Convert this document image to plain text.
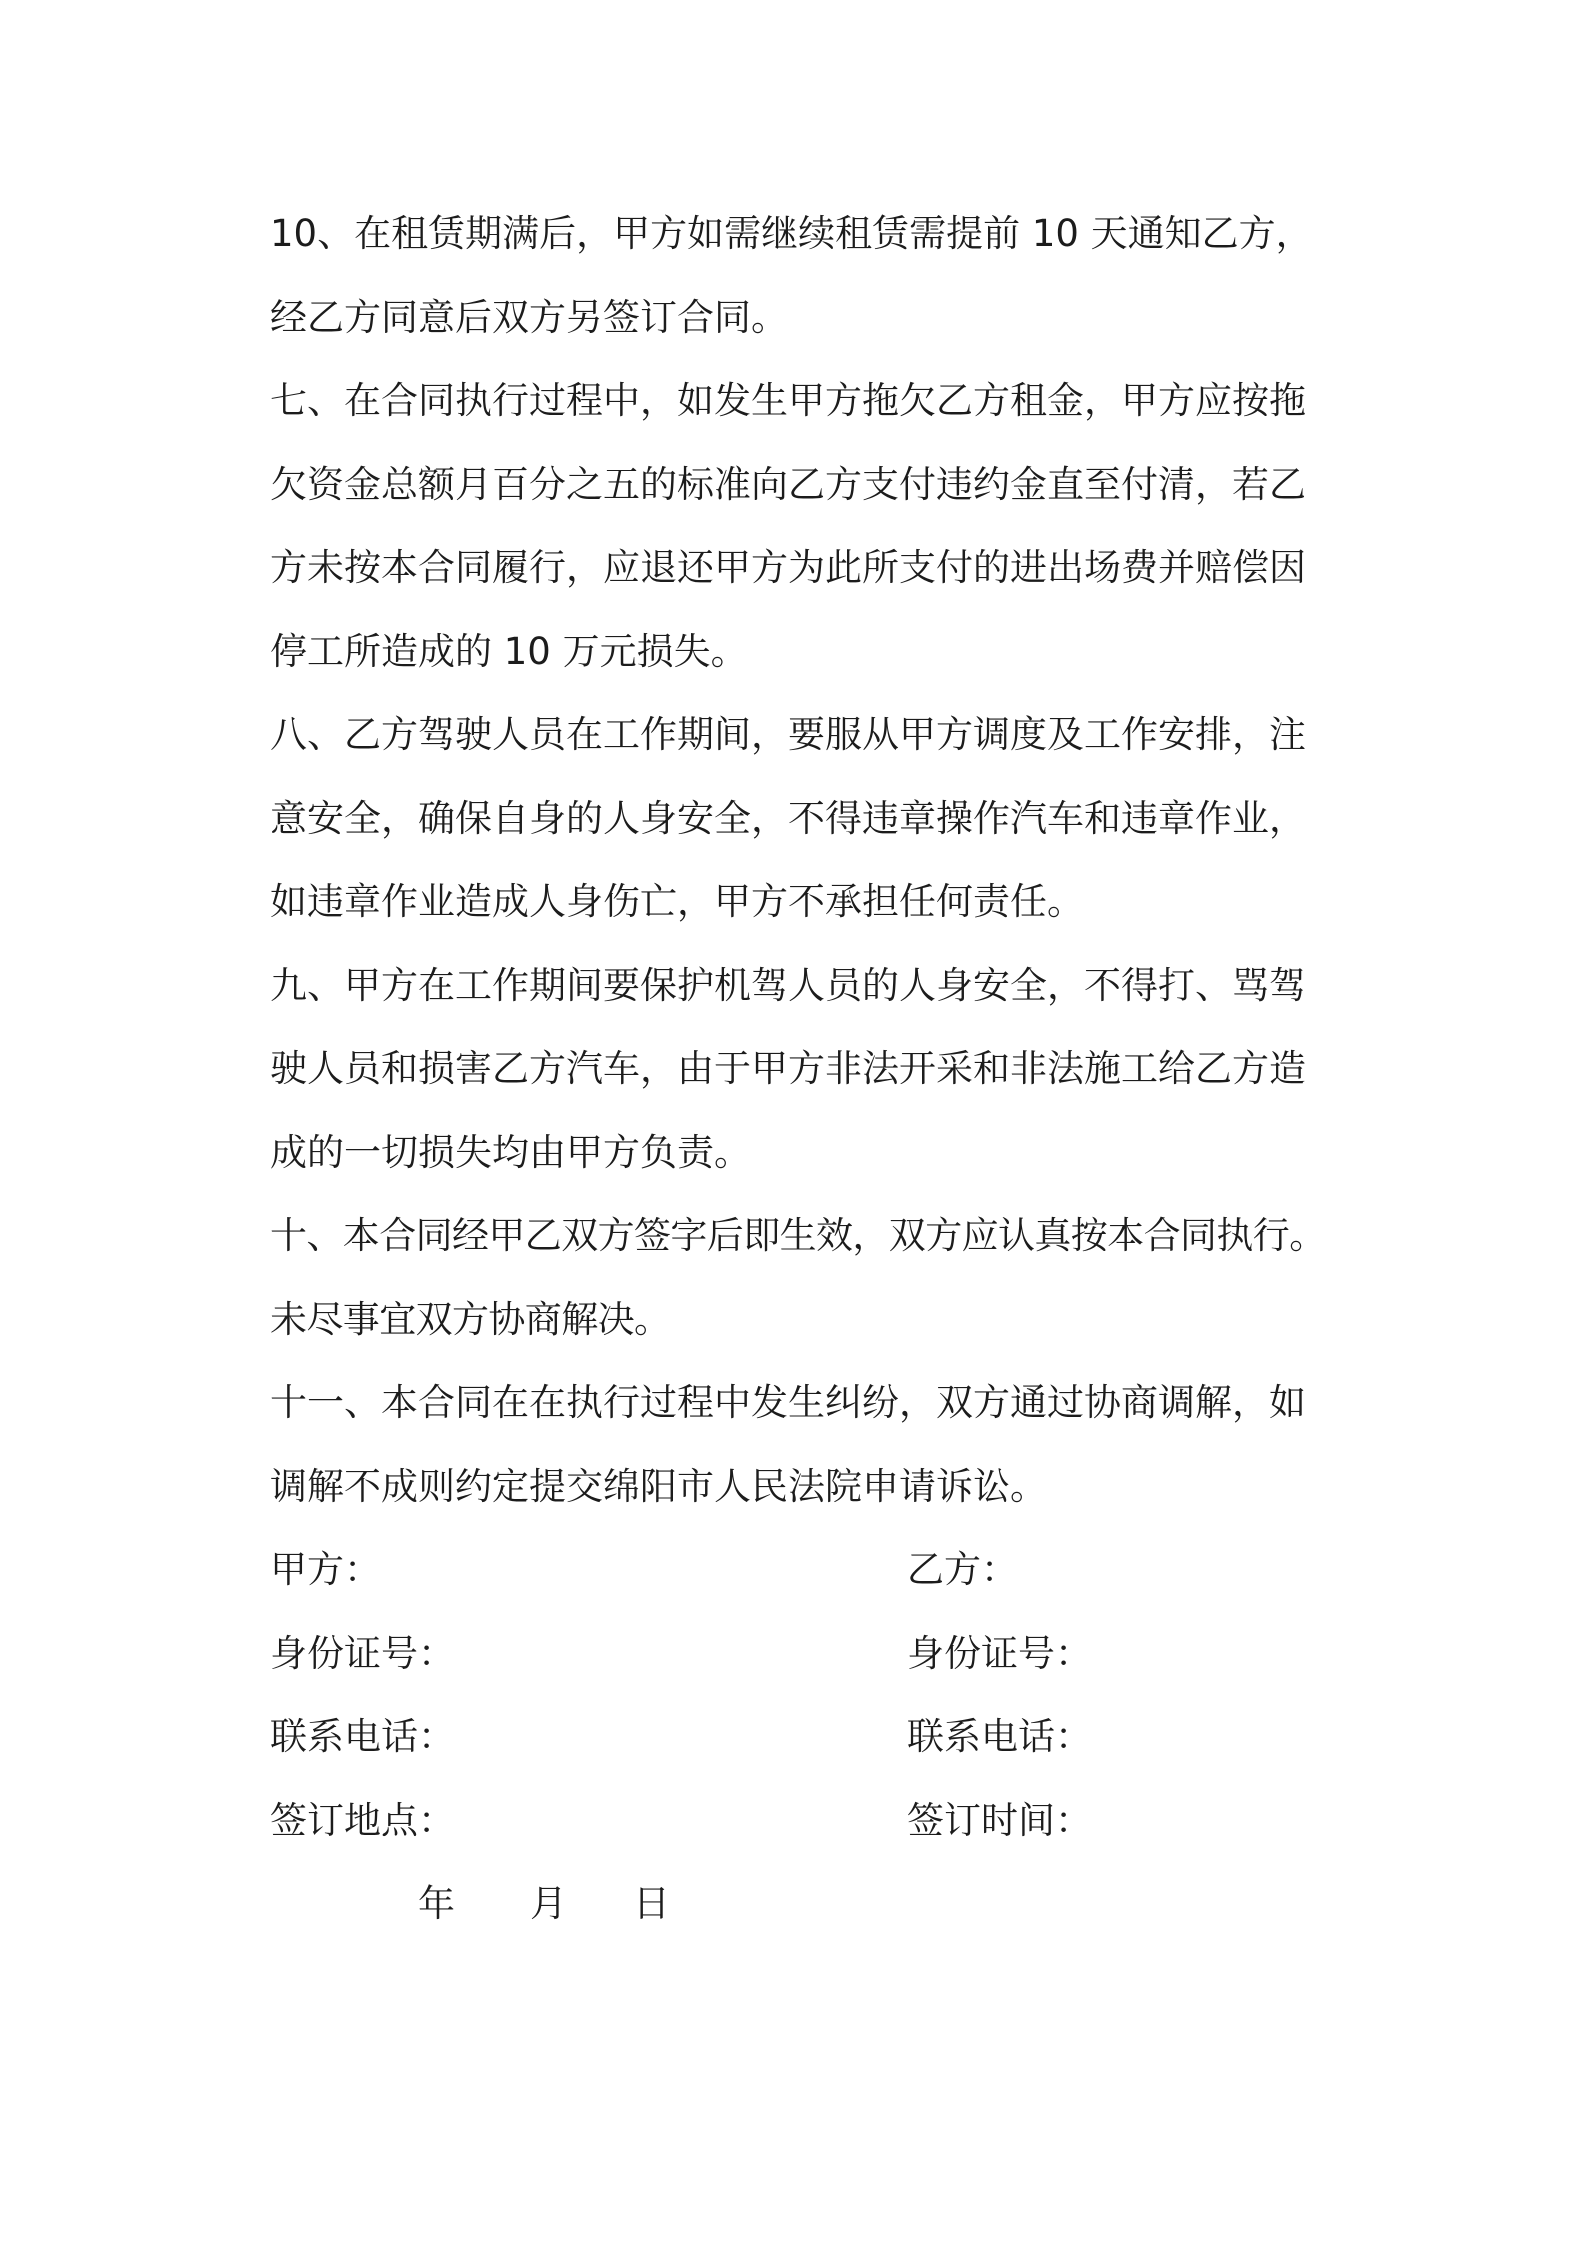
10、在租赁期满后，甲方如需继续租赁需提前 10 天通知乙方，经乙方同意后双方另签订合同。

七、在合同执行过程中，如发生甲方拖欠乙方租金，甲方应按拖欠资金总额月百分之五的标准向乙方支付违约金直至付清，若乙方未按本合同履行，应退还甲方为此所支付的进出场费并赔偿因停工所造成的 10 万元损失。

八、乙方驾驶人员在工作期间，要服从甲方调度及工作安排，注意安全，确保自身的人身安全，不得违章操作汽车和违章作业，如违章作业造成人身伤亡，甲方不承担任何责任。

九、甲方在工作期间要保护机驾人员的人身安全，不得打、骂驾驶人员和损害乙方汽车，由于甲方非法开采和非法施工给乙方造成的一切损失均由甲方负责。

十、本合同经甲乙双方签字后即生效，双方应认真按本合同执行。未尽事宜双方协商解决。

十一、本合同在在执行过程中发生纠纷，双方通过协商调解，如调解不成则约定提交绵阳市人民法院申请诉讼。

甲方：	乙方：
身份证号：	身份证号：
联系电话：	联系电话：
签订地点：	签订时间：
年 月 日
